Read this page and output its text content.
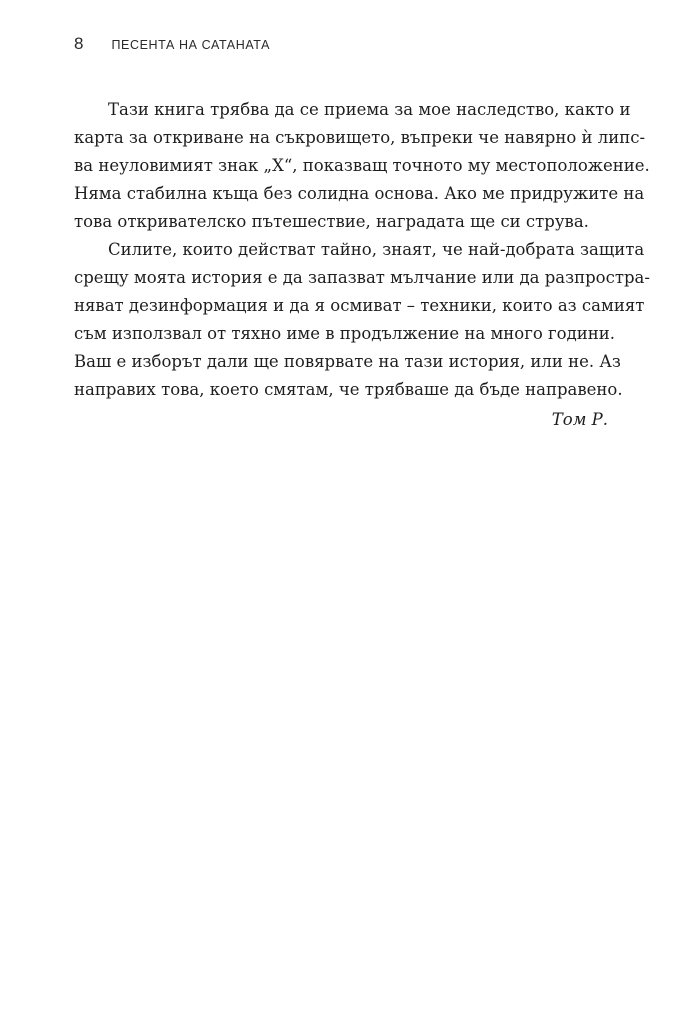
8 ПЕСЕНТА НА САТАНАТА

Тази книга трябва да се приема за мое наследство, както и
карта за откриване на съкровището, въпреки че навярно ѝ липс-
ва неуловимият знак „Х“, показващ точното му местоположение.
Няма стабилна къща без солидна основа. Ако ме придружите на
това откривателско пътешествие, наградата ще си струва.

Силите, които действат тайно, знаят, че най-добрата защита
срещу моята история е да запазват мълчание или да разпростра-
няват дезинформация и да я осмиват – техники, които аз самият
съм използвал от тяхно име в продължение на много години.
Ваш е изборът дали ще повярвате на тази история, или не. Аз
направих това, което смятам, че трябваше да бъде направено.

Том Р.
